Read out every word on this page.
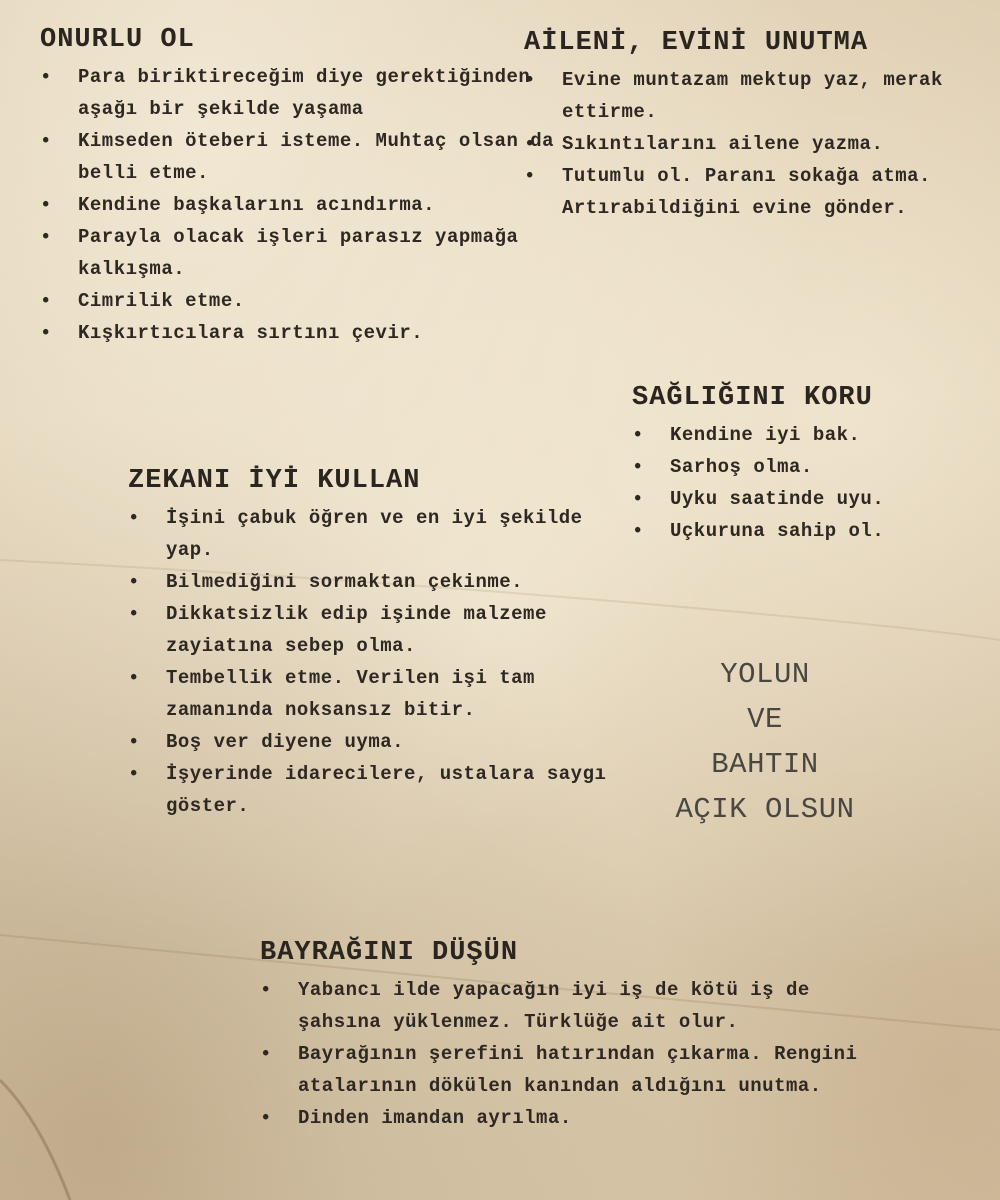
ONURLU OL
• Para biriktireceğim diye gerektiğinden aşağı bir şekilde yaşama
• Kimseden öteberi isteme. Muhtaç olsan da belli etme.
• Kendine başkalarını acındırma.
• Parayla olacak işleri parasız yapmağa kalkışma.
• Cimrilik etme.
• Kışkırtıcılara sırtını çevir.
AİLENİ, EVİNİ UNUTMA
• Evine muntazam mektup yaz, merak ettirme.
• Sıkıntılarını ailene yazma.
• Tutumlu ol. Paranı sokağa atma. Artırabildiğini evine gönder.
SAĞLIĞINI KORU
• Kendine iyi bak.
• Sarhoş olma.
• Uyku saatinde uyu.
• Uçkuruna sahip ol.
ZEKANI İYİ KULLAN
• İşini çabuk öğren ve en iyi şekilde yap.
• Bilmediğini sormaktan çekinme.
• Dikkatsizlik edip işinde malzeme zayiatına sebep olma.
• Tembellik etme. Verilen işi tam zamanında noksansız bitir.
• Boş ver diyene uyma.
• İşyerinde idarecilere, ustalara saygı göster.
YOLUN
VE
BAHTIN
AÇIK OLSUN
BAYRAĞINI DÜŞÜN
• Yabancı ilde yapacağın iyi iş de kötü iş de şahsına yüklenmez. Türklüğe ait olur.
• Bayrağının şerefini hatırından çıkarma. Rengini atalarının dökülen kanından aldığını unutma.
• Dinden imandan ayrılma.
